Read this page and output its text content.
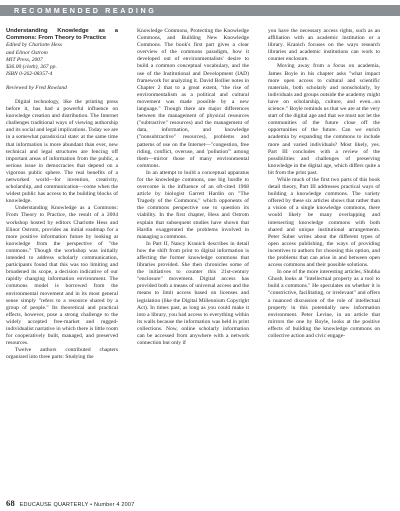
RECOMMENDED READING
Understanding Knowledge as a Commons: From Theory to Practice
Edited by Charlotte Hess
and Elinor Ostrom
MIT Press, 2007
$36.00 (cloth), 367 pp.
ISBN 0-262-08357-4
Reviewed by Fred Rowland

Digital technology, like the printing press before it, has had a powerful influence on knowledge creation and distribution. The Internet challenges traditional ways of viewing authorship and its social and legal implications. Today we are in a somewhat paradoxical state: at the same time that information is more abundant than ever, new technical and legal structures are fencing off important areas of information from the public, a serious issue in democracies that depend on a vigorous public sphere. The real benefits of a networked world—for invention, creativity, scholarship, and communication—come when the widest public has access to the building blocks of knowledge.

Understanding Knowledge as a Commons: From Theory to Practice, the result of a 2004 workshop hosted by editors Charlotte Hess and Elinor Ostrom, provides an initial roadmap for a more positive information future by looking at knowledge from the perspective of "the commons." Though the workshop was initially intended to address scholarly communication, participants found that this was too limiting and broadened its scope, a decision indicative of our rapidly changing information environment. The commons model is borrowed from the environmental movement and in its most general sense simply "refers to a resource shared by a group of people." Its theoretical and practical effects, however, pose a strong challenge to the widely accepted free-market and rugged-individualist narrative in which there is little room for cooperatively built, managed, and preserved resources.

Twelve authors contributed chapters organized into three parts: Studying the

Knowledge Commons, Protecting the Knowledge Commons, and Building New Knowledge Commons. The book's first part gives a clear overview of the commons paradigm, how it developed out of environmentalists' desire to build a common conceptual vocabulary, and the use of the Institutional and Development (IAD) framework for analyzing it. David Bollier notes in Chapter 2 that to a great extent, "the rise of environmentalism as a political and cultural movement was made possible by a new language." Though there are major differences between the management of physical resources ("subtractive" resources) and the management of data, information, and knowledge ("nonsubtractive" resources), problems and patterns of use on the Internet—"congestion, free riding, conflict, overuse, and 'pollution'" among them—mirror those of many environmental commons.

In an attempt to build a conceptual apparatus for the knowledge commons, one big hurdle to overcome is the influence of an oft-cited 1968 article by biologist Garrett Hardin on "The Tragedy of the Commons," which opponents of the commons perspective use to question its viability. In the first chapter, Hess and Ostrom explain that subsequent studies have shown that Hardin exaggerated the problems involved in managing a commons.

In Part II, Nancy Kranich describes in detail how the shift from print to digital information is affecting the former knowledge commons that libraries provided. She then chronicles some of the initiatives to counter this 21st-century "enclosure" movement. Digital access has provided both a means of universal access and the means to limit access based on licenses and legislation (like the Digital Millennium Copyright Act). In times past, as long as you could make it into a library, you had access to everything within its walls because the information was held in print collections. Now, online scholarly information can be accessed from anywhere with a network connection but only if

you have the necessary access rights, such as an affiliation with an academic institution or a library. Kranich focuses on the ways research libraries and academic institutions can work to counter enclosure.

Moving away from a focus on academia, James Boyle in his chapter asks "what impact more open access to cultural and scientific materials, both scholarly and nonscholarly, by individuals and groups outside the academy might have on scholarship, culture, and even...on science." Boyle reminds us that we are at the very start of the digital age and that we must not let the communities of the future close off the opportunities of the future. Can we enrich academia by expanding the commons to include more and varied individuals? Most likely, yes. Part III concludes with a review of the possibilities and challenges of preserving knowledge in the digital age, which differs quite a bit from the print past.

While much of the first two parts of this book detail theory, Part III addresses practical ways of building a knowledge commons. The variety offered by these six articles shows that rather than a vision of a single knowledge commons, there would likely be many overlapping and intersecting knowledge commons with both shared and unique institutional arrangements. Peter Suber writes about the different types of open access publishing, the ways of providing incentives to authors for choosing this option, and the problems that can arise in and between open access commons and their possible solutions.

In one of the more interesting articles, Shubha Ghosh looks at "intellectual property as a tool to build a commons." He speculates on whether it is "constrictive, facilitating, or irrelevant" and offers a nuanced discussion of the role of intellectual property in this potentially new information environment. Peter Levine, in an article that mirrors the one by Boyle, looks at the positive effects of building the knowledge commons on collective action and civic engage-

68 EDUCAUSE QUARTERLY • Number 4 2007
